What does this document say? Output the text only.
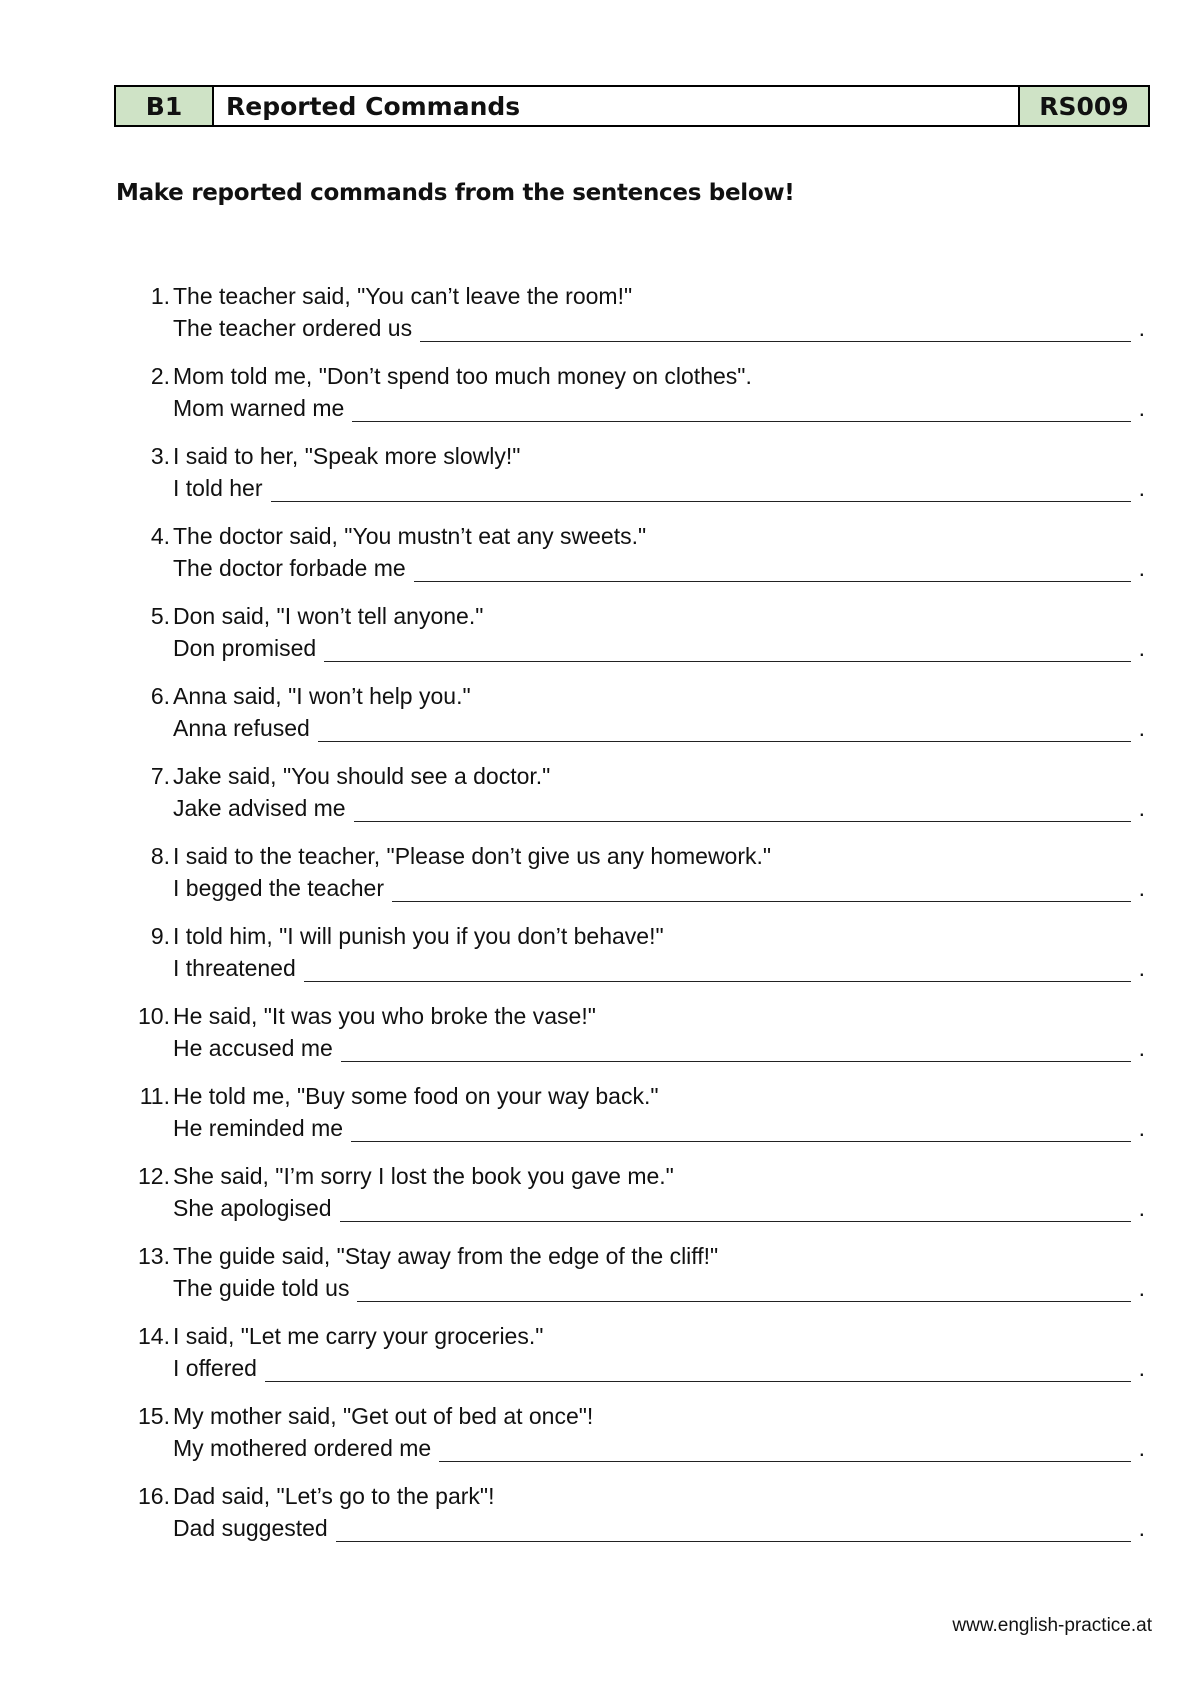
B1	Reported Commands	RS009
Make reported commands from the sentences below!
1. The teacher said, "You can’t leave the room!"
The teacher ordered us	.
2. Mom told me, "Don’t spend too much money on clothes".
Mom warned me	.
3. I said to her, "Speak more slowly!"
I told her	.
4. The doctor said, "You mustn’t eat any sweets."
The doctor forbade me	.
5. Don said, "I won’t tell anyone."
Don promised	.
6. Anna said, "I won’t help you."
Anna refused	.
7. Jake said, "You should see a doctor."
Jake advised me	.
8. I said to the teacher, "Please don’t give us any homework."
I begged the teacher	.
9. I told him, "I will punish you if you don’t behave!"
I threatened	.
10. He said, "It was you who broke the vase!"
He accused me	.
11. He told me, "Buy some food on your way back."
He reminded me	.
12. She said, "I’m sorry I lost the book you gave me."
She apologised	.
13. The guide said, "Stay away from the edge of the cliff!"
The guide told us	.
14. I said, "Let me carry your groceries."
I offered	.
15. My mother said, "Get out of bed at once"!
My mothered ordered me	.
16. Dad said, "Let’s go to the park"!
Dad suggested	.
www.english-practice.at
